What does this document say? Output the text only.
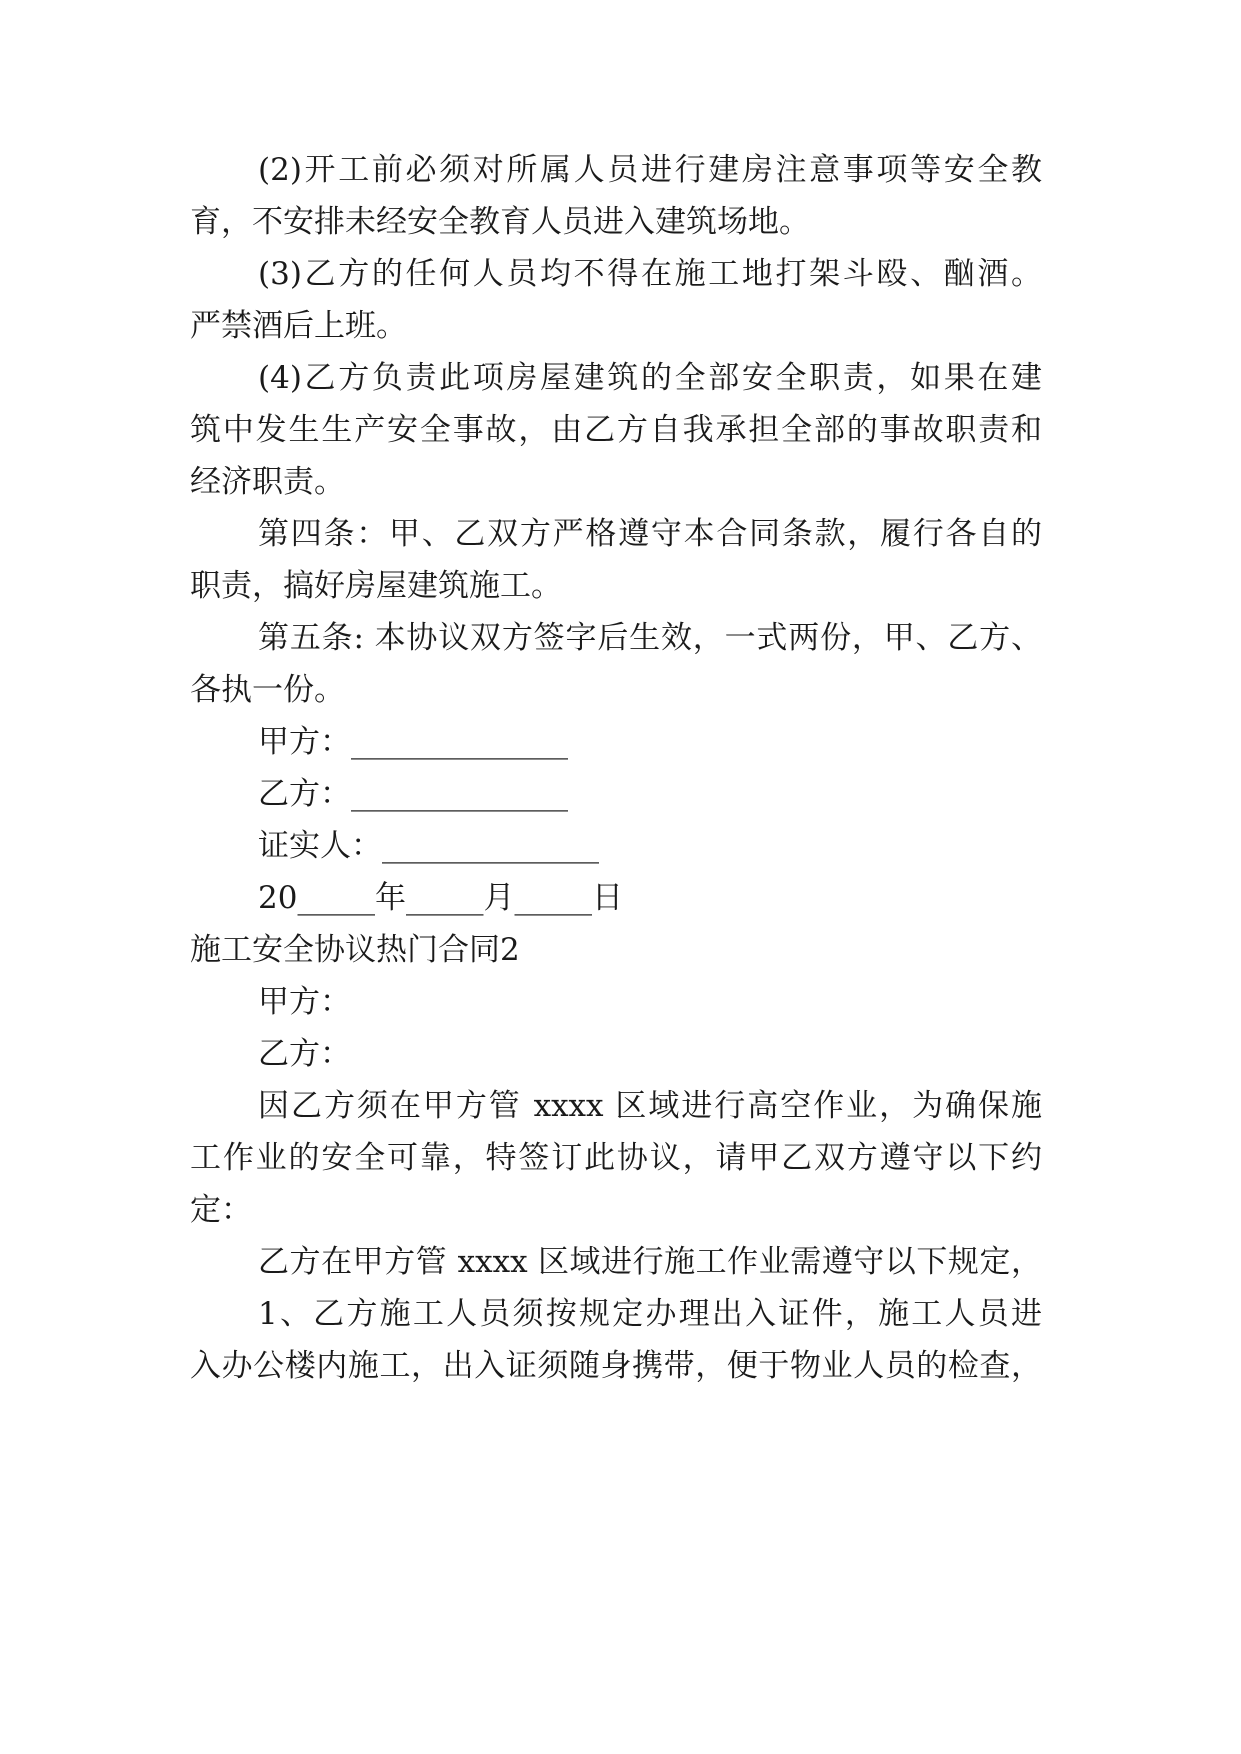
(2)开工前必须对所属人员进行建房注意事项等安全教
育，不安排未经安全教育人员进入建筑场地。
(3)乙方的任何人员均不得在施工地打架斗殴、酗酒。
严禁酒后上班。
(4)乙方负责此项房屋建筑的全部安全职责，如果在建
筑中发生生产安全事故，由乙方自我承担全部的事故职责和
经济职责。
第四条：甲、乙双方严格遵守本合同条款，履行各自的
职责，搞好房屋建筑施工。
第五条: 本协议双方签字后生效，一式两份，甲、乙方、
各执一份。
甲方：______________
乙方：______________
证实人：______________
20_____年_____月_____日
施工安全协议热门合同2
甲方：
乙方：
因乙方须在甲方管 xxxx 区域进行高空作业，为确保施
工作业的安全可靠，特签订此协议，请甲乙双方遵守以下约
定：
乙方在甲方管 xxxx 区域进行施工作业需遵守以下规定，
1、乙方施工人员须按规定办理出入证件，施工人员进
入办公楼内施工，出入证须随身携带，便于物业人员的检查，
